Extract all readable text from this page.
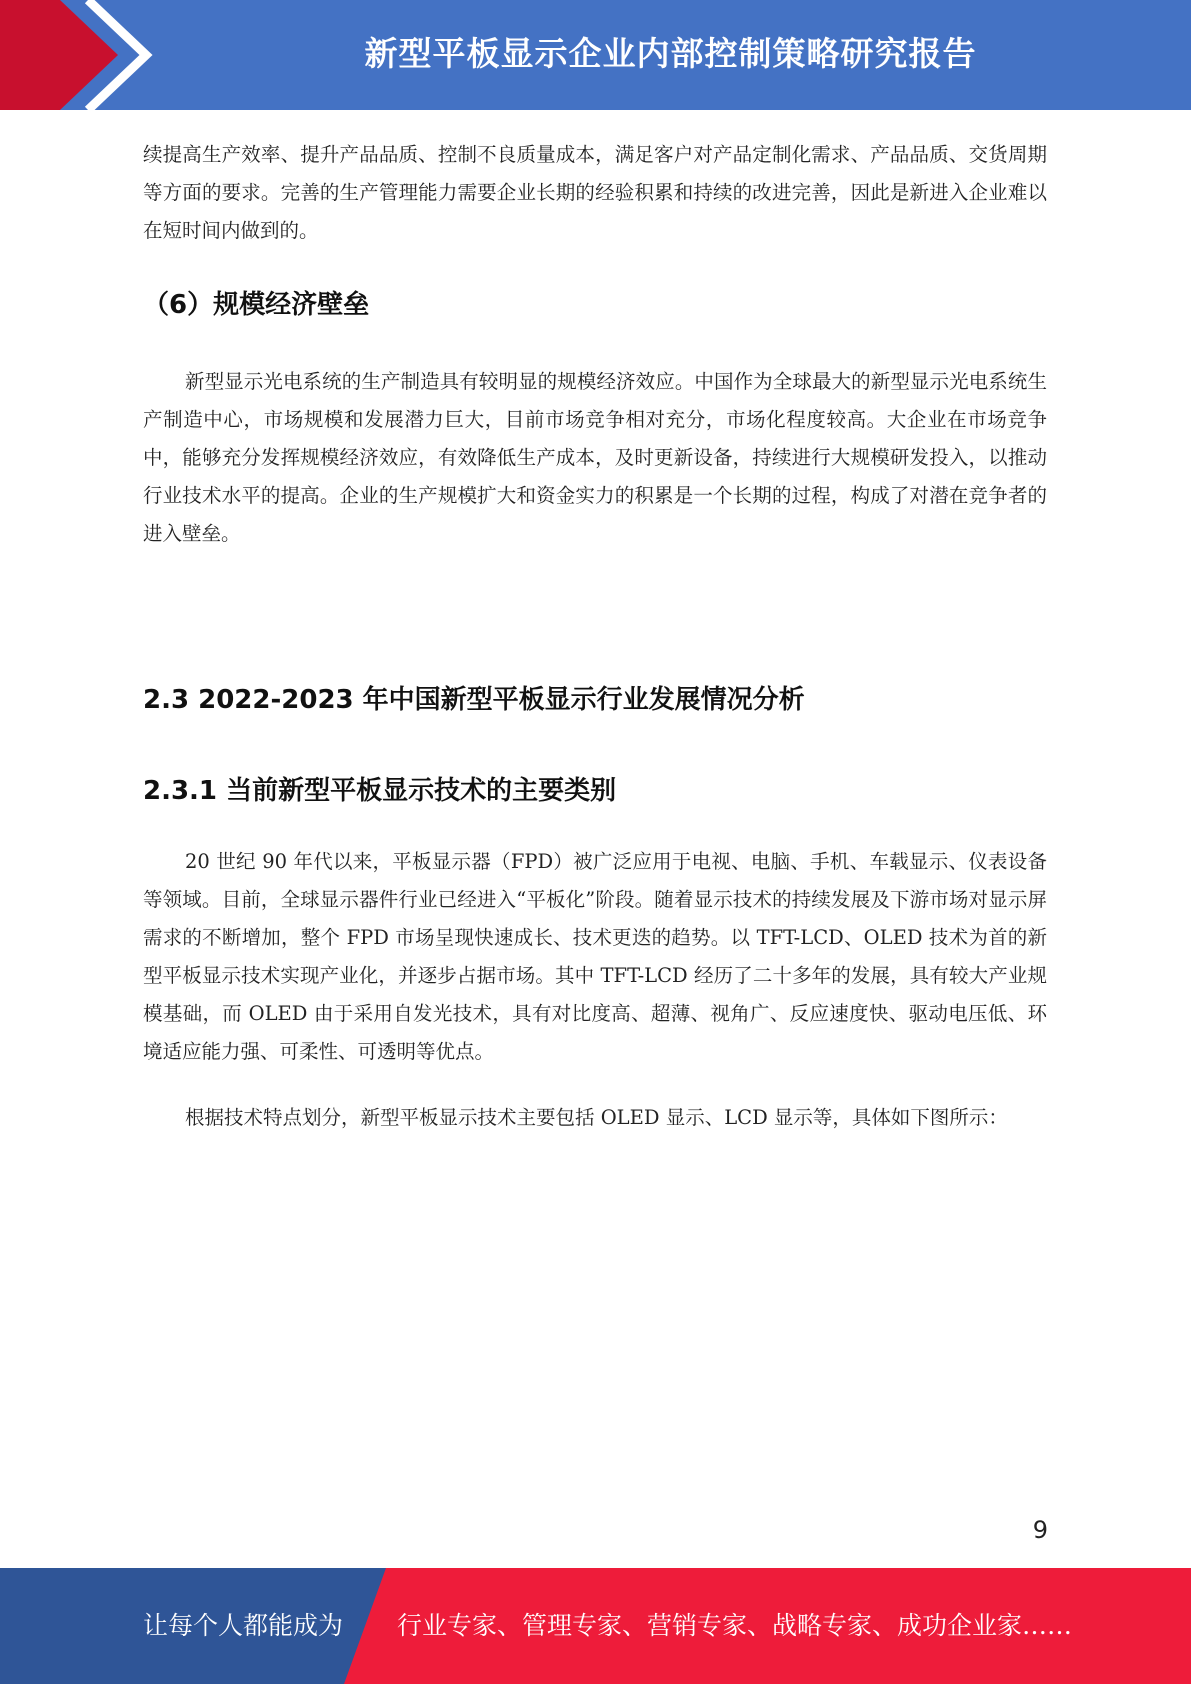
新型平板显示企业内部控制策略研究报告

续提高生产效率、提升产品品质、控制不良质量成本，满足客户对产品定制化需求、产品品质、交货周期等方面的要求。完善的生产管理能力需要企业长期的经验积累和持续的改进完善，因此是新进入企业难以在短时间内做到的。

（6）规模经济壁垒

新型显示光电系统的生产制造具有较明显的规模经济效应。中国作为全球最大的新型显示光电系统生产制造中心，市场规模和发展潜力巨大，目前市场竞争相对充分，市场化程度较高。大企业在市场竞争中，能够充分发挥规模经济效应，有效降低生产成本，及时更新设备，持续进行大规模研发投入，以推动行业技术水平的提高。企业的生产规模扩大和资金实力的积累是一个长期的过程，构成了对潜在竞争者的进入壁垒。

2.3 2022-2023 年中国新型平板显示行业发展情况分析
2.3.1 当前新型平板显示技术的主要类别

20 世纪 90 年代以来，平板显示器（FPD）被广泛应用于电视、电脑、手机、车载显示、仪表设备等领域。目前，全球显示器件行业已经进入“平板化”阶段。随着显示技术的持续发展及下游市场对显示屏需求的不断增加，整个 FPD 市场呈现快速成长、技术更迭的趋势。以 TFT-LCD、OLED 技术为首的新型平板显示技术实现产业化，并逐步占据市场。其中 TFT-LCD 经历了二十多年的发展，具有较大产业规模基础，而 OLED 由于采用自发光技术，具有对比度高、超薄、视角广、反应速度快、驱动电压低、环境适应能力强、可柔性、可透明等优点。

根据技术特点划分，新型平板显示技术主要包括 OLED 显示、LCD 显示等，具体如下图所示：

9
让每个人都能成为 行业专家、管理专家、营销专家、战略专家、成功企业家……
